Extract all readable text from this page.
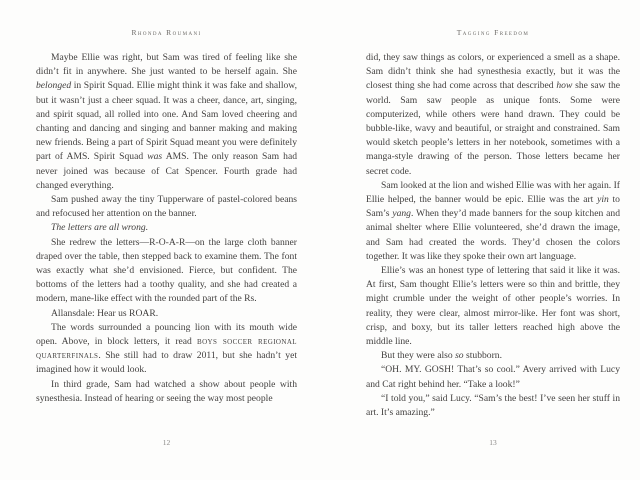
Rhonda Roumani	Tagging Freedom

Maybe Ellie was right, but Sam was tired of feeling like she didn’t fit in anywhere. She just wanted to be herself again. She belonged in Spirit Squad. Ellie might think it was fake and shallow, but it wasn’t just a cheer squad. It was a cheer, dance, art, singing, and spirit squad, all rolled into one. And Sam loved cheering and chanting and dancing and singing and banner making and making new friends. Being a part of Spirit Squad meant you were definitely part of AMS. Spirit Squad was AMS. The only reason Sam had never joined was because of Cat Spencer. Fourth grade had changed everything.

Sam pushed away the tiny Tupperware of pastel-colored beans and refocused her attention on the banner.

The letters are all wrong.

She redrew the letters—R-O-A-R—on the large cloth banner draped over the table, then stepped back to examine them. The font was exactly what she’d envisioned. Fierce, but confident. The bottoms of the letters had a toothy quality, and she had created a modern, mane-like effect with the rounded part of the Rs.

Allansdale: Hear us ROAR.

The words surrounded a pouncing lion with its mouth wide open. Above, in block letters, it read boys soccer regional quarterfinals. She still had to draw 2011, but she hadn’t yet imagined how it would look.

In third grade, Sam had watched a show about people with synesthesia. Instead of hearing or seeing the way most people

did, they saw things as colors, or experienced a smell as a shape. Sam didn’t think she had synesthesia exactly, but it was the closest thing she had come across that described how she saw the world. Sam saw people as unique fonts. Some were computerized, while others were hand drawn. They could be bubble-like, wavy and beautiful, or straight and constrained. Sam would sketch people’s letters in her notebook, sometimes with a manga-style drawing of the person. Those letters became her secret code.

Sam looked at the lion and wished Ellie was with her again. If Ellie helped, the banner would be epic. Ellie was the art yin to Sam’s yang. When they’d made banners for the soup kitchen and animal shelter where Ellie volunteered, she’d drawn the image, and Sam had created the words. They’d chosen the colors together. It was like they spoke their own art language.

Ellie’s was an honest type of lettering that said it like it was. At first, Sam thought Ellie’s letters were so thin and brittle, they might crumble under the weight of other people’s worries. In reality, they were clear, almost mirror-like. Her font was short, crisp, and boxy, but its taller letters reached high above the middle line.

But they were also so stubborn.

“OH. MY. GOSH! That’s so cool.” Avery arrived with Lucy and Cat right behind her. “Take a look!”

“I told you,” said Lucy. “Sam’s the best! I’ve seen her stuff in art. It’s amazing.”

12	13
